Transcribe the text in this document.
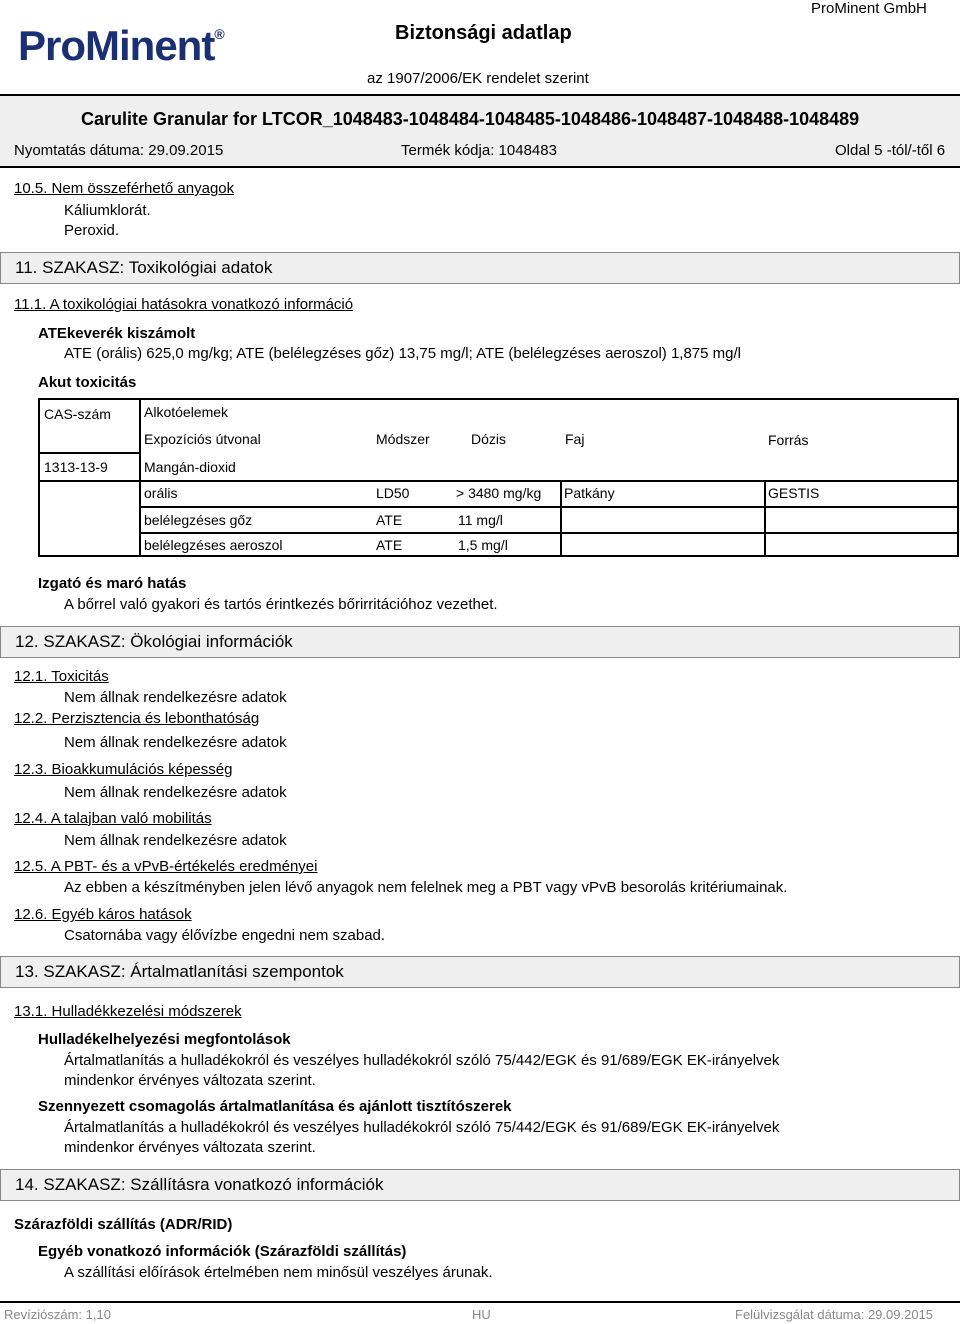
ProMinent®	Biztonsági adatlap
az 1907/2006/EK rendelet szerint
ProMinent GmbH
Carulite Granular for LTCOR_1048483-1048484-1048485-1048486-1048487-1048488-1048489
Nyomtatás dátuma: 29.09.2015	Termék kódja: 1048483	Oldal 5 -tól/-től 6
10.5. Nem összeférhető anyagok
Káliumklorát.
Peroxid.
11. SZAKASZ: Toxikológiai adatok
11.1. A toxikológiai hatásokra vonatkozó információ
ATEkeverék kiszámolt
ATE (orális) 625,0 mg/kg; ATE (belélegzéses gőz) 13,75 mg/l; ATE (belélegzéses aeroszol) 1,875 mg/l
Akut toxicitás
CAS-szám Alkotóelemek
Expozíciós útvonal	Módszer	Dózis	Faj	Forrás
1313-13-9	Mangán-dioxid
orális	LD50	> 3480 mg/kg Patkány	GESTIS
belélegzéses gőz	ATE	11 mg/l
belélegzéses aeroszol	ATE	1,5 mg/l
Izgató és maró hatás
A bőrrel való gyakori és tartós érintkezés bőrirritációhoz vezethet.
12. SZAKASZ: Ökológiai információk
12.1. Toxicitás
Nem állnak rendelkezésre adatok
12.2. Perzisztencia és lebonthatóság
Nem állnak rendelkezésre adatok
12.3. Bioakkumulációs képesség
Nem állnak rendelkezésre adatok
12.4. A talajban való mobilitás
Nem állnak rendelkezésre adatok
12.5. A PBT- és a vPvB-értékelés eredményei
Az ebben a készítményben jelen lévő anyagok nem felelnek meg a PBT vagy vPvB besorolás kritériumainak.
12.6. Egyéb káros hatások
Csatornába vagy élővízbe engedni nem szabad.
13. SZAKASZ: Ártalmatlanítási szempontok
13.1. Hulladékkezelési módszerek
Hulladékelhelyezési megfontolások
Ártalmatlanítás a hulladékokról és veszélyes hulladékokról szóló 75/442/EGK és 91/689/EGK EK-irányelvek
mindenkor érvényes változata szerint.
Szennyezett csomagolás ártalmatlanítása és ajánlott tisztítószerek
Ártalmatlanítás a hulladékokról és veszélyes hulladékokról szóló 75/442/EGK és 91/689/EGK EK-irányelvek
mindenkor érvényes változata szerint.
14. SZAKASZ: Szállításra vonatkozó információk
Szárazföldi szállítás (ADR/RID)
Egyéb vonatkozó információk (Szárazföldi szállítás)
A szállítási előírások értelmében nem minősül veszélyes árunak.
Revíziószám: 1,10	HU	Felülvizsgálat dátuma: 29.09.2015
